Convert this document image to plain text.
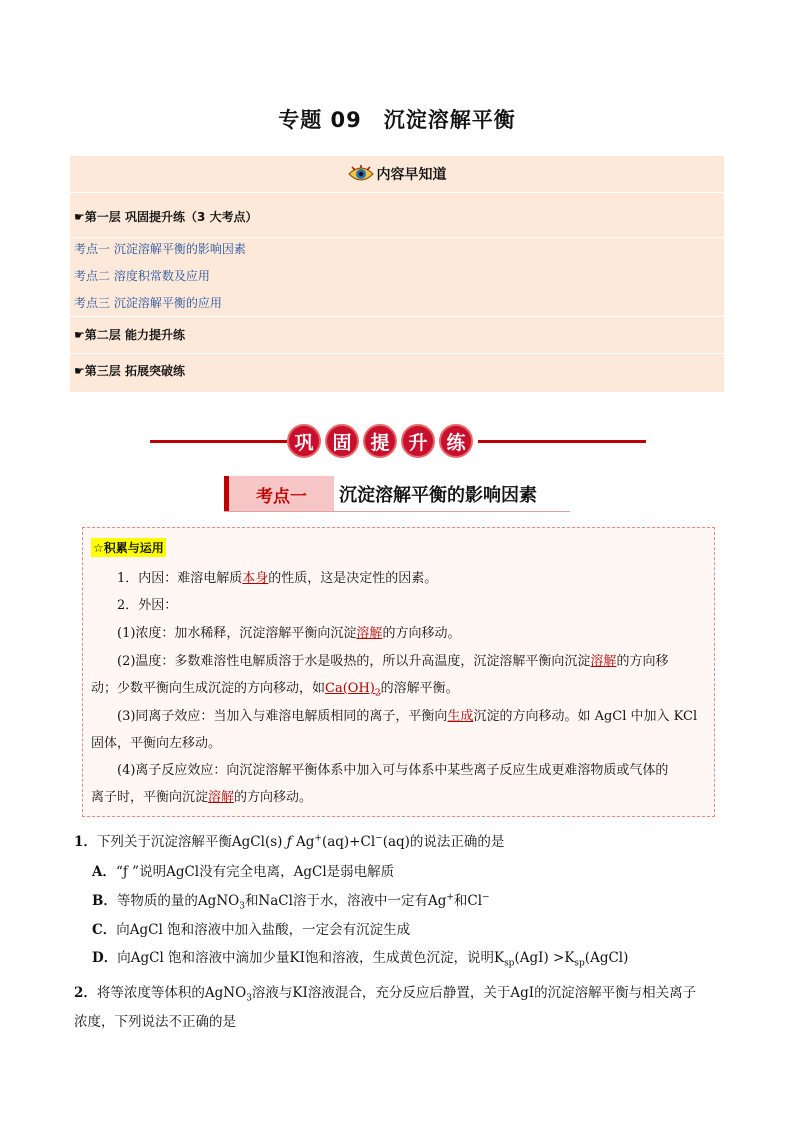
专题 09　沉淀溶解平衡
内容早知道
☛第一层 巩固提升练（3 大考点）
考点一 沉淀溶解平衡的影响因素
考点二 溶度积常数及应用
考点三 沉淀溶解平衡的应用
☛第二层 能力提升练
☛第三层 拓展突破练
巩 固 提 升 练
考点一	沉淀溶解平衡的影响因素
☆积累与运用
1．内因：难溶电解质本身的性质，这是决定性的因素。
2．外因：
(1)浓度：加水稀释，沉淀溶解平衡向沉淀溶解的方向移动。
(2)温度：多数难溶性电解质溶于水是吸热的，所以升高温度，沉淀溶解平衡向沉淀溶解的方向移
动；少数平衡向生成沉淀的方向移动，如$Ca(OH)_2$的溶解平衡。
(3)同离子效应：当加入与难溶电解质相同的离子，平衡向生成沉淀的方向移动。如 AgCl 中加入 KCl
固体，平衡向左移动。
(4)离子反应效应：向沉淀溶解平衡体系中加入可与体系中某些离子反应生成更难溶物质或气体的
离子时，平衡向沉淀溶解的方向移动。
1．下列关于沉淀溶解平衡AgCl(s) ƒ Ag+(aq)+Cl−(aq)的说法正确的是
A．“ƒ ”说明AgCl没有完全电离，AgCl是弱电解质
B．等物质的量的AgNO$_3$和NaCl溶于水，溶液中一定有Ag+和Cl−
C．向AgCl 饱和溶液中加入盐酸，一定会有沉淀生成
D．向AgCl 饱和溶液中滴加少量KI饱和溶液，生成黄色沉淀，说明$K_{sp}(AgI)$ $>K_{sp}(AgCl)$
2．将等浓度等体积的AgNO$_3$溶液与KI溶液混合，充分反应后静置，关于AgI的沉淀溶解平衡与相关离子
浓度，下列说法不正确的是
